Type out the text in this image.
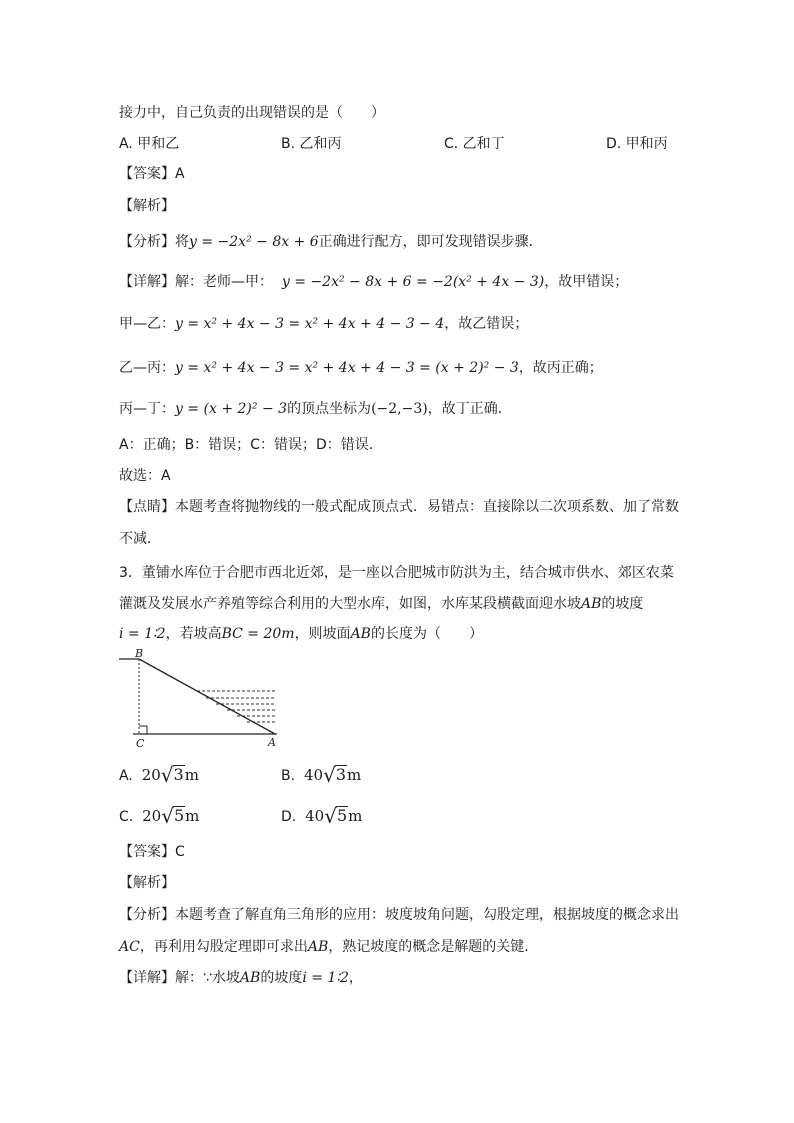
接力中，自己负责的出现错误的是（　　）
A. 甲和乙	B. 乙和丙	C. 乙和丁	D. 甲和丙
【答案】A
【解析】
【分析】将y = −2x² − 8x + 6正确进行配方，即可发现错误步骤．
【详解】解：老师—甲： y = −2x² − 8x + 6 = −2(x² + 4x − 3)，故甲错误；
甲—乙：y = x² + 4x − 3 = x² + 4x + 4 − 3 − 4，故乙错误；
乙—丙：y = x² + 4x − 3 = x² + 4x + 4 − 3 = (x + 2)² − 3，故丙正确；
丙—丁：y = (x + 2)² − 3的顶点坐标为(−2,−3)，故丁正确．
A：正确；B：错误；C：错误；D：错误．
故选：A
【点睛】本题考查将抛物线的一般式配成顶点式．易错点：直接除以二次项系数、加了常数
不减．
3．董铺水库位于合肥市西北近郊，是一座以合肥城市防洪为主，结合城市供水、郊区农菜
灌溉及发展水产养殖等综合利用的大型水库，如图，水库某段横截面迎水坡AB的坡度
i = 1∶2，若坡高BC = 20m，则坡面AB的长度为（　　）
B
C	A
A. 20√3m	B. 40√3m
C. 20√5m	D. 40√5m
【答案】C
【解析】
【分析】本题考查了解直角三角形的应用：坡度坡角问题，勾股定理，根据坡度的概念求出
AC，再利用勾股定理即可求出AB，熟记坡度的概念是解题的关键．
【详解】解：∵水坡AB的坡度i = 1∶2，
